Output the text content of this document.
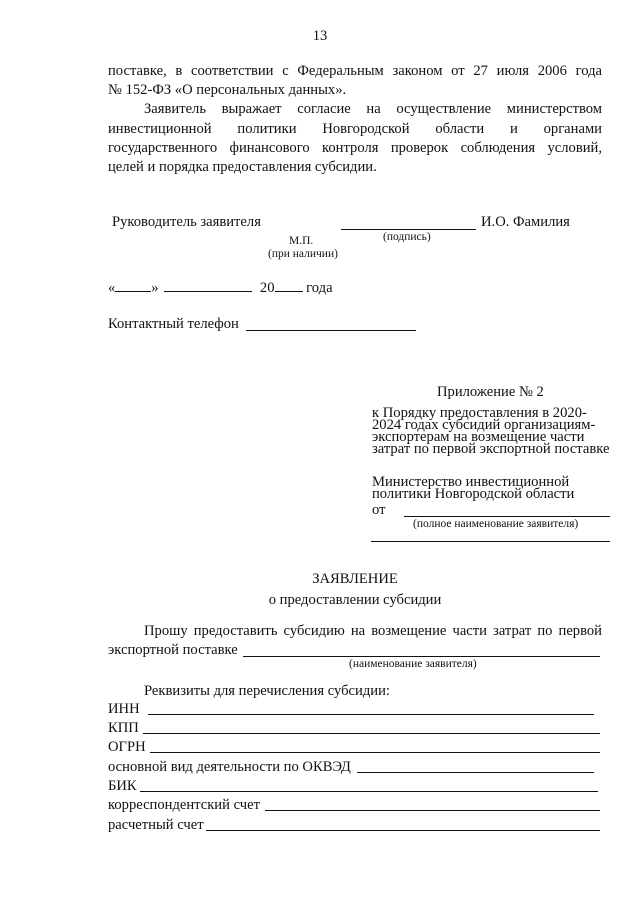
13
поставке, в соответствии с Федеральным законом от 27 июля 2006 года
№ 152-ФЗ «О персональных данных».
Заявитель выражает согласие на осуществление министерством
инвестиционной политики Новгородской области и органами
государственного финансового контроля проверок соблюдения условий,
целей и порядка предоставления субсидии.
Руководитель заявителя	И.О. Фамилия
(подпись)
М.П.
(при наличии)
« »	20 года
Контактный телефон
Приложение № 2
к Порядку предоставления в 2020-
2024 годах субсидий организациям-
экспортерам на возмещение части
затрат по первой экспортной поставке
Министерство инвестиционной
политики Новгородской области
от
(полное наименование заявителя)
ЗАЯВЛЕНИЕ
о предоставлении субсидии
Прошу предоставить субсидию на возмещение части затрат по первой
экспортной поставке
(наименование заявителя)
Реквизиты для перечисления субсидии:
ИНН
КПП
ОГРН
основной вид деятельности по ОКВЭД
БИК
корреспондентский счет
расчетный счет
